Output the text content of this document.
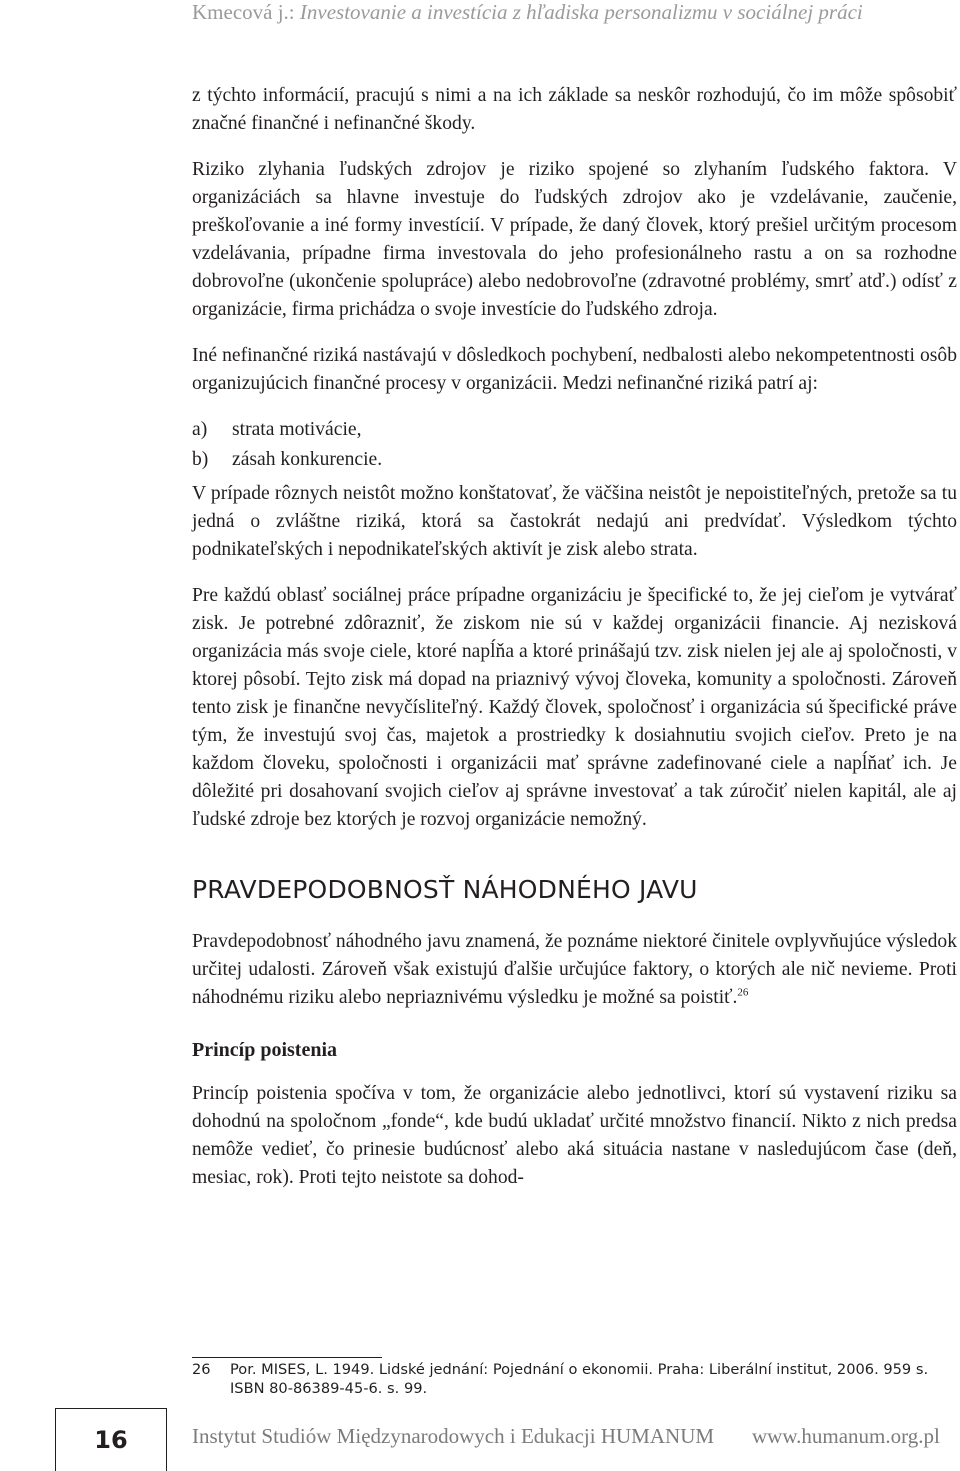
Kmecová j.: Investovanie a investícia z hľadiska personalizmu v sociálnej práci

z týchto informácií, pracujú s nimi a na ich základe sa neskôr rozhodujú, čo im môže spôsobiť značné finančné i nefinančné škody.

Riziko zlyhania ľudských zdrojov je riziko spojené so zlyhaním ľudského faktora. V organizáciách sa hlavne investuje do ľudských zdrojov ako je vzdelávanie, zaučenie, preškoľovanie a iné formy investícií. V prípade, že daný človek, ktorý prešiel určitým procesom vzdelávania, prípadne firma investovala do jeho profesionálneho rastu a on sa rozhodne dobrovoľne (ukončenie spolupráce) alebo nedobrovoľne (zdravotné problémy, smrť atď.) odísť z organizácie, firma prichádza o svoje investície do ľudského zdroja.

Iné nefinančné riziká nastávajú v dôsledkoch pochybení, nedbalosti alebo nekompetentnosti osôb organizujúcich finančné procesy v organizácii. Medzi nefinančné riziká patrí aj:

a) strata motivácie,

b) zásah konkurencie.

V prípade rôznych neistôt možno konštatovať, že väčšina neistôt je nepoistiteľných, pretože sa tu jedná o zvláštne riziká, ktorá sa častokrát nedajú ani predvídať. Výsledkom týchto podnikateľských i nepodnikateľských aktivít je zisk alebo strata.

Pre každú oblasť sociálnej práce prípadne organizáciu je špecifické to, že jej cieľom je vytvárať zisk. Je potrebné zdôrazniť, že ziskom nie sú v každej organizácii financie. Aj nezisková organizácia más svoje ciele, ktoré napĺňa a ktoré prinášajú tzv. zisk nielen jej ale aj spoločnosti, v ktorej pôsobí. Tejto zisk má dopad na priaznivý vývoj človeka, komunity a spoločnosti. Zároveň tento zisk je finančne nevyčísliteľný. Každý človek, spoločnosť i organizácia sú špecifické práve tým, že investujú svoj čas, majetok a prostriedky k dosiahnutiu svojich cieľov. Preto je na každom človeku, spoločnosti i organizácii mať správne zadefinované ciele a napĺňať ich. Je dôležité pri dosahovaní svojich cieľov aj správne investovať a tak zúročiť nielen kapitál, ale aj ľudské zdroje bez ktorých je rozvoj organizácie nemožný.

PRAVDEPODOBNOSŤ NÁHODNÉHO JAVU

Pravdepodobnosť náhodného javu znamená, že poznáme niektoré činitele ovplyvňujúce výsledok určitej udalosti. Zároveň však existujú ďalšie určujúce faktory, o ktorých ale nič nevieme. Proti náhodnému riziku alebo nepriaznivému výsledku je možné sa poistiť.$^{26}$

Princíp poistenia

Princíp poistenia spočíva v tom, že organizácie alebo jednotlivci, ktorí sú vystavení riziku sa dohodnú na spoločnom „fonde“, kde budú ukladať určité množstvo financií. Nikto z nich predsa nemôže vedieť, čo prinesie budúcnosť alebo aká situácia nastane v nasledujúcom čase (deň, mesiac, rok). Proti tejto neistote sa dohod-

26 Por. MISES, L. 1949. Lidské jednání: Pojednání o ekonomii. Praha: Liberální institut, 2006. 959 s. ISBN 80-86389-45-6. s. 99.
16	Instytut Studiów Międzynarodowych i Edukacji HUMANUM www.humanum.org.pl
